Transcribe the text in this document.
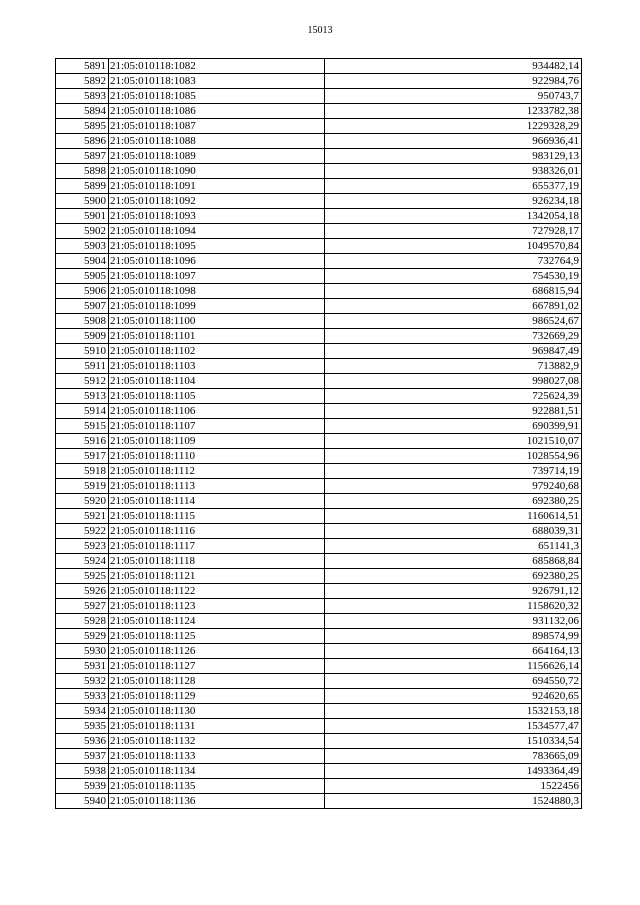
15013
5891	21:05:010118:1082	934482,14
5892	21:05:010118:1083	922984,76
5893	21:05:010118:1085	950743,7
5894	21:05:010118:1086	1233782,38
5895	21:05:010118:1087	1229328,29
5896	21:05:010118:1088	966936,41
5897	21:05:010118:1089	983129,13
5898	21:05:010118:1090	938326,01
5899	21:05:010118:1091	655377,19
5900	21:05:010118:1092	926234,18
5901	21:05:010118:1093	1342054,18
5902	21:05:010118:1094	727928,17
5903	21:05:010118:1095	1049570,84
5904	21:05:010118:1096	732764,9
5905	21:05:010118:1097	754530,19
5906	21:05:010118:1098	686815,94
5907	21:05:010118:1099	667891,02
5908	21:05:010118:1100	986524,67
5909	21:05:010118:1101	732669,29
5910	21:05:010118:1102	969847,49
5911	21:05:010118:1103	713882,9
5912	21:05:010118:1104	998027,08
5913	21:05:010118:1105	725624,39
5914	21:05:010118:1106	922881,51
5915	21:05:010118:1107	690399,91
5916	21:05:010118:1109	1021510,07
5917	21:05:010118:1110	1028554,96
5918	21:05:010118:1112	739714,19
5919	21:05:010118:1113	979240,68
5920	21:05:010118:1114	692380,25
5921	21:05:010118:1115	1160614,51
5922	21:05:010118:1116	688039,31
5923	21:05:010118:1117	651141,3
5924	21:05:010118:1118	685868,84
5925	21:05:010118:1121	692380,25
5926	21:05:010118:1122	926791,12
5927	21:05:010118:1123	1158620,32
5928	21:05:010118:1124	931132,06
5929	21:05:010118:1125	898574,99
5930	21:05:010118:1126	664164,13
5931	21:05:010118:1127	1156626,14
5932	21:05:010118:1128	694550,72
5933	21:05:010118:1129	924620,65
5934	21:05:010118:1130	1532153,18
5935	21:05:010118:1131	1534577,47
5936	21:05:010118:1132	1510334,54
5937	21:05:010118:1133	783665,09
5938	21:05:010118:1134	1493364,49
5939	21:05:010118:1135	1522456
5940	21:05:010118:1136	1524880,3
